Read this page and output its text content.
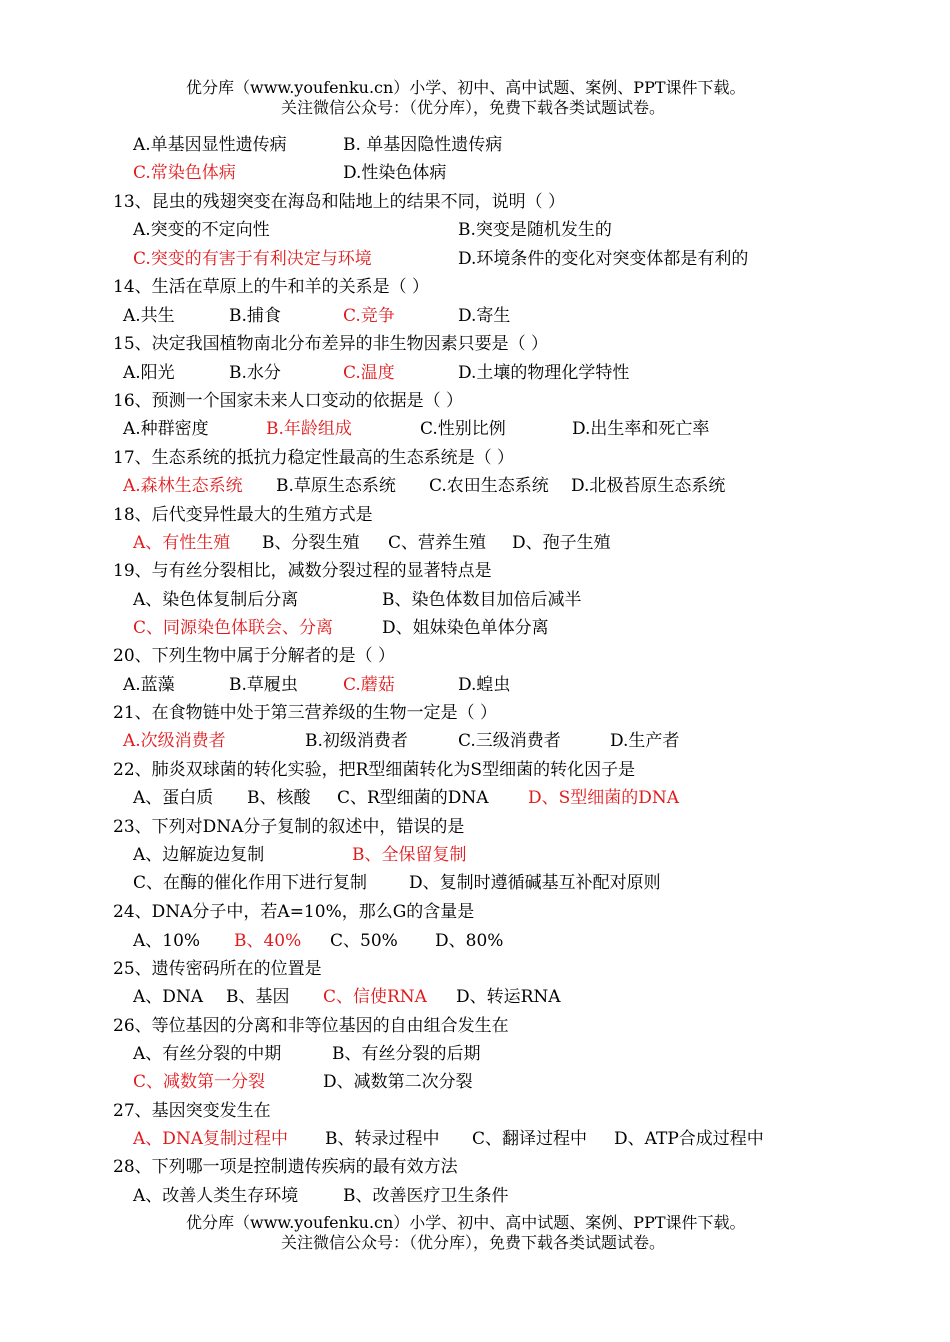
优分库（www.youfenku.cn）小学、初中、高中试题、案例、PPT课件下载。
关注微信公众号：（优分库），免费下载各类试题试卷。
A.单基因显性遗传病	B. 单基因隐性遗传病
C.常染色体病	D.性染色体病
13、昆虫的残翅突变在海岛和陆地上的结果不同，说明（ ）
A.突变的不定向性	B.突变是随机发生的
C.突变的有害于有利决定与环境	D.环境条件的变化对突变体都是有利的
14、生活在草原上的牛和羊的关系是（ ）
A.共生	B.捕食	C.竞争	D.寄生
15、决定我国植物南北分布差异的非生物因素只要是（ ）
A.阳光	B.水分	C.温度	D.土壤的物理化学特性
16、预测一个国家未来人口变动的依据是（ ）
A.种群密度	B.年龄组成	C.性别比例	D.出生率和死亡率
17、生态系统的抵抗力稳定性最高的生态系统是（ ）
A.森林生态系统 B.草原生态系统 C.农田生态系统 D.北极苔原生态系统
18、后代变异性最大的生殖方式是
A、有性生殖 B、分裂生殖 C、营养生殖 D、孢子生殖
19、与有丝分裂相比，减数分裂过程的显著特点是
A、染色体复制后分离	B、染色体数目加倍后减半
C、同源染色体联会、分离	D、姐妹染色单体分离
20、下列生物中属于分解者的是（ ）
A.蓝藻	B.草履虫	C.蘑菇	D.蝗虫
21、在食物链中处于第三营养级的生物一定是（ ）
A.次级消费者	B.初级消费者	C.三级消费者	D.生产者
22、肺炎双球菌的转化实验，把R型细菌转化为S型细菌的转化因子是
A、蛋白质 B、核酸 C、R型细菌的DNA D、S型细菌的DNA
23、下列对DNA分子复制的叙述中，错误的是
A、边解旋边复制	B、全保留复制
C、在酶的催化作用下进行复制 D、复制时遵循碱基互补配对原则
24、DNA分子中，若A=10%，那么G的含量是
A、10% B、40% C、50% D、80%
25、遗传密码所在的位置是
A、DNA B、基因 C、信使RNA D、转运RNA
26、等位基因的分离和非等位基因的自由组合发生在
A、有丝分裂的中期	B、有丝分裂的后期
C、减数第一分裂	D、减数第二次分裂
27、基因突变发生在
A、DNA复制过程中 B、转录过程中 C、翻译过程中 D、ATP合成过程中
28、下列哪一项是控制遗传疾病的最有效方法
A、改善人类生存环境	B、改善医疗卫生条件
优分库（www.youfenku.cn）小学、初中、高中试题、案例、PPT课件下载。
关注微信公众号：（优分库），免费下载各类试题试卷。
